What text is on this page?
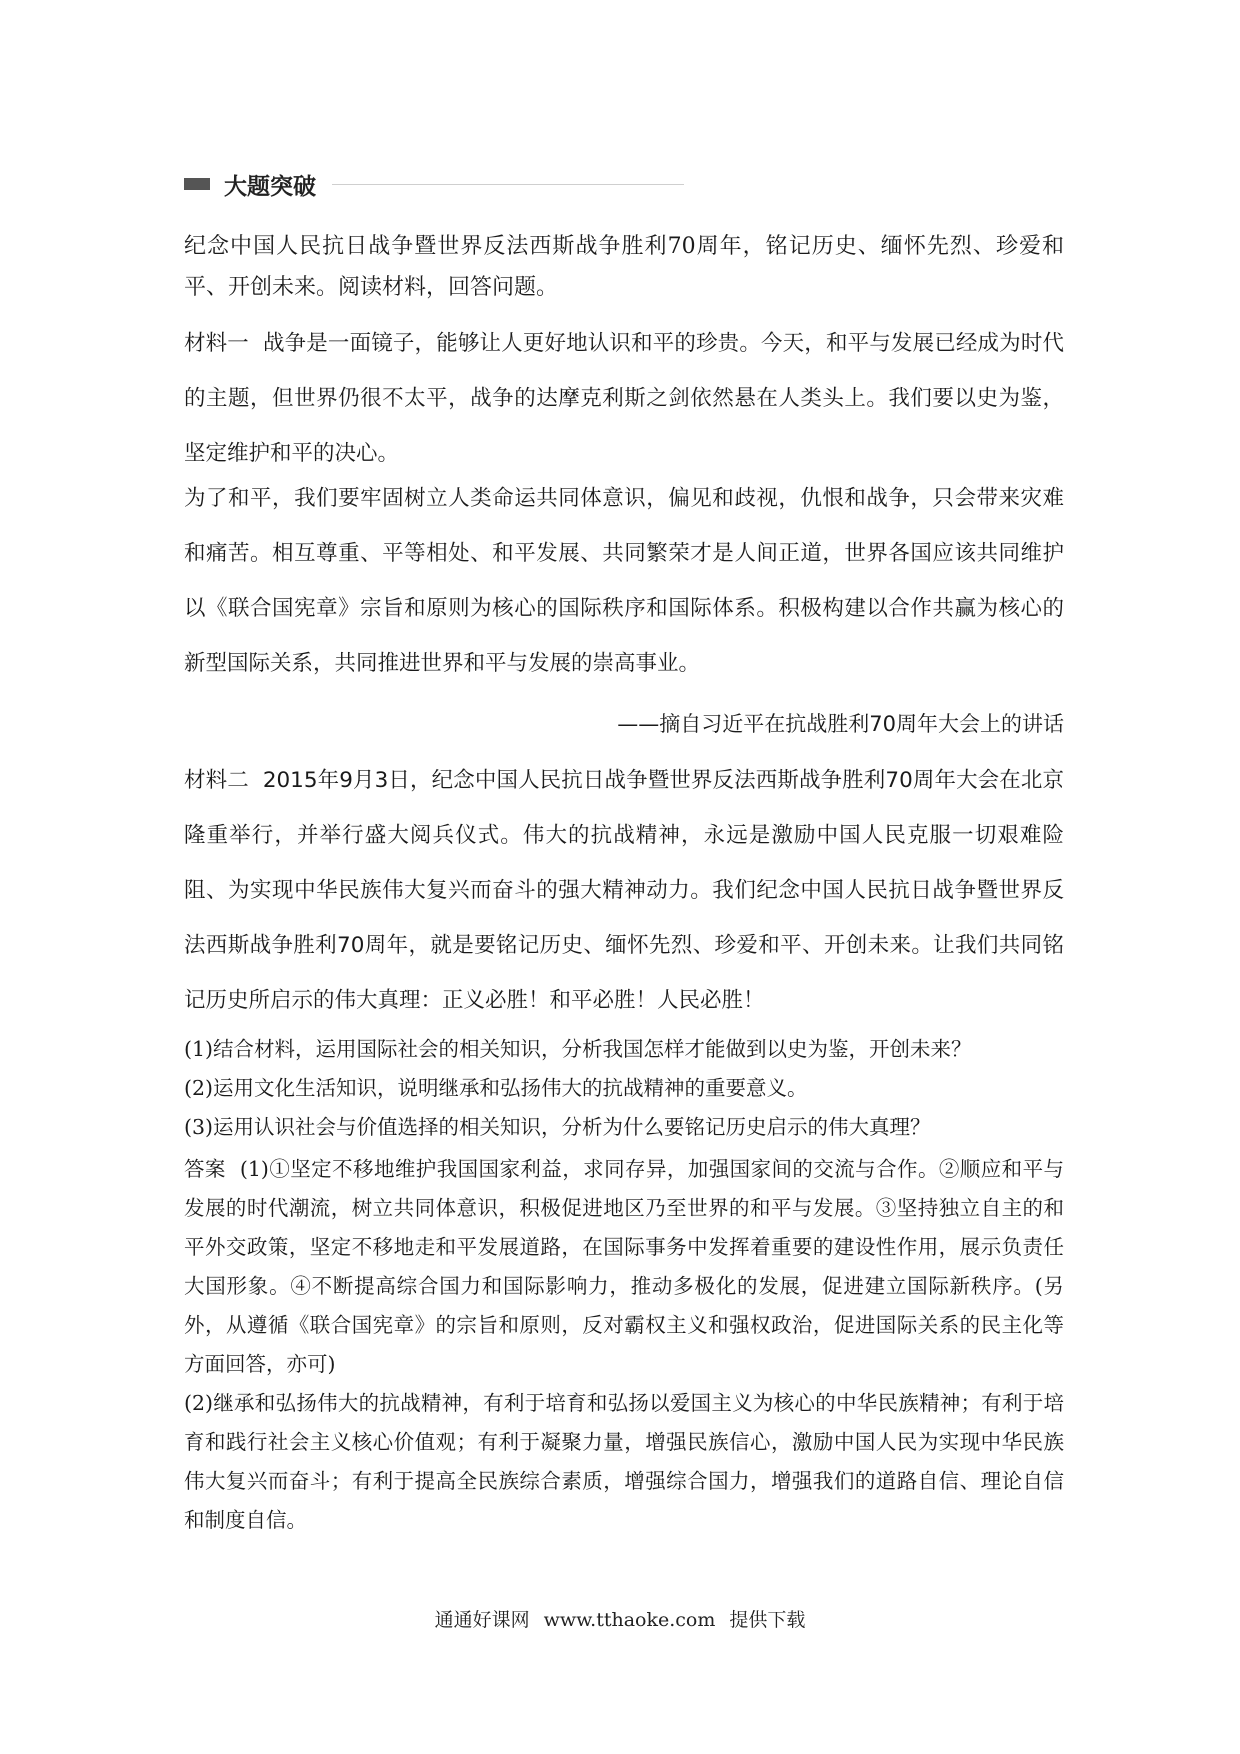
大题突破

纪念中国人民抗日战争暨世界反法西斯战争胜利70周年，铭记历史、缅怀先烈、珍爱和平、开创未来。阅读材料，回答问题。

材料一 战争是一面镜子，能够让人更好地认识和平的珍贵。今天，和平与发展已经成为时代的主题，但世界仍很不太平，战争的达摩克利斯之剑依然悬在人类头上。我们要以史为鉴，坚定维护和平的决心。

为了和平，我们要牢固树立人类命运共同体意识，偏见和歧视，仇恨和战争，只会带来灾难和痛苦。相互尊重、平等相处、和平发展、共同繁荣才是人间正道，世界各国应该共同维护以《联合国宪章》宗旨和原则为核心的国际秩序和国际体系。积极构建以合作共赢为核心的新型国际关系，共同推进世界和平与发展的崇高事业。

——摘自习近平在抗战胜利70周年大会上的讲话

材料二 2015年9月3日，纪念中国人民抗日战争暨世界反法西斯战争胜利70周年大会在北京隆重举行，并举行盛大阅兵仪式。伟大的抗战精神，永远是激励中国人民克服一切艰难险阻、为实现中华民族伟大复兴而奋斗的强大精神动力。我们纪念中国人民抗日战争暨世界反法西斯战争胜利70周年，就是要铭记历史、缅怀先烈、珍爱和平、开创未来。让我们共同铭记历史所启示的伟大真理：正义必胜！和平必胜！人民必胜！

(1)结合材料，运用国际社会的相关知识，分析我国怎样才能做到以史为鉴，开创未来？
(2)运用文化生活知识，说明继承和弘扬伟大的抗战精神的重要意义。
(3)运用认识社会与价值选择的相关知识，分析为什么要铭记历史启示的伟大真理？
答案 (1)①坚定不移地维护我国国家利益，求同存异，加强国家间的交流与合作。②顺应和平与发展的时代潮流，树立共同体意识，积极促进地区乃至世界的和平与发展。③坚持独立自主的和平外交政策，坚定不移地走和平发展道路，在国际事务中发挥着重要的建设性作用，展示负责任大国形象。④不断提高综合国力和国际影响力，推动多极化的发展，促进建立国际新秩序。(另外，从遵循《联合国宪章》的宗旨和原则，反对霸权主义和强权政治，促进国际关系的民主化等方面回答，亦可)
(2)继承和弘扬伟大的抗战精神，有利于培育和弘扬以爱国主义为核心的中华民族精神；有利于培育和践行社会主义核心价值观；有利于凝聚力量，增强民族信心，激励中国人民为实现中华民族伟大复兴而奋斗；有利于提高全民族综合素质，增强综合国力，增强我们的道路自信、理论自信和制度自信。
通通好课网 www.tthaoke.com 提供下载
